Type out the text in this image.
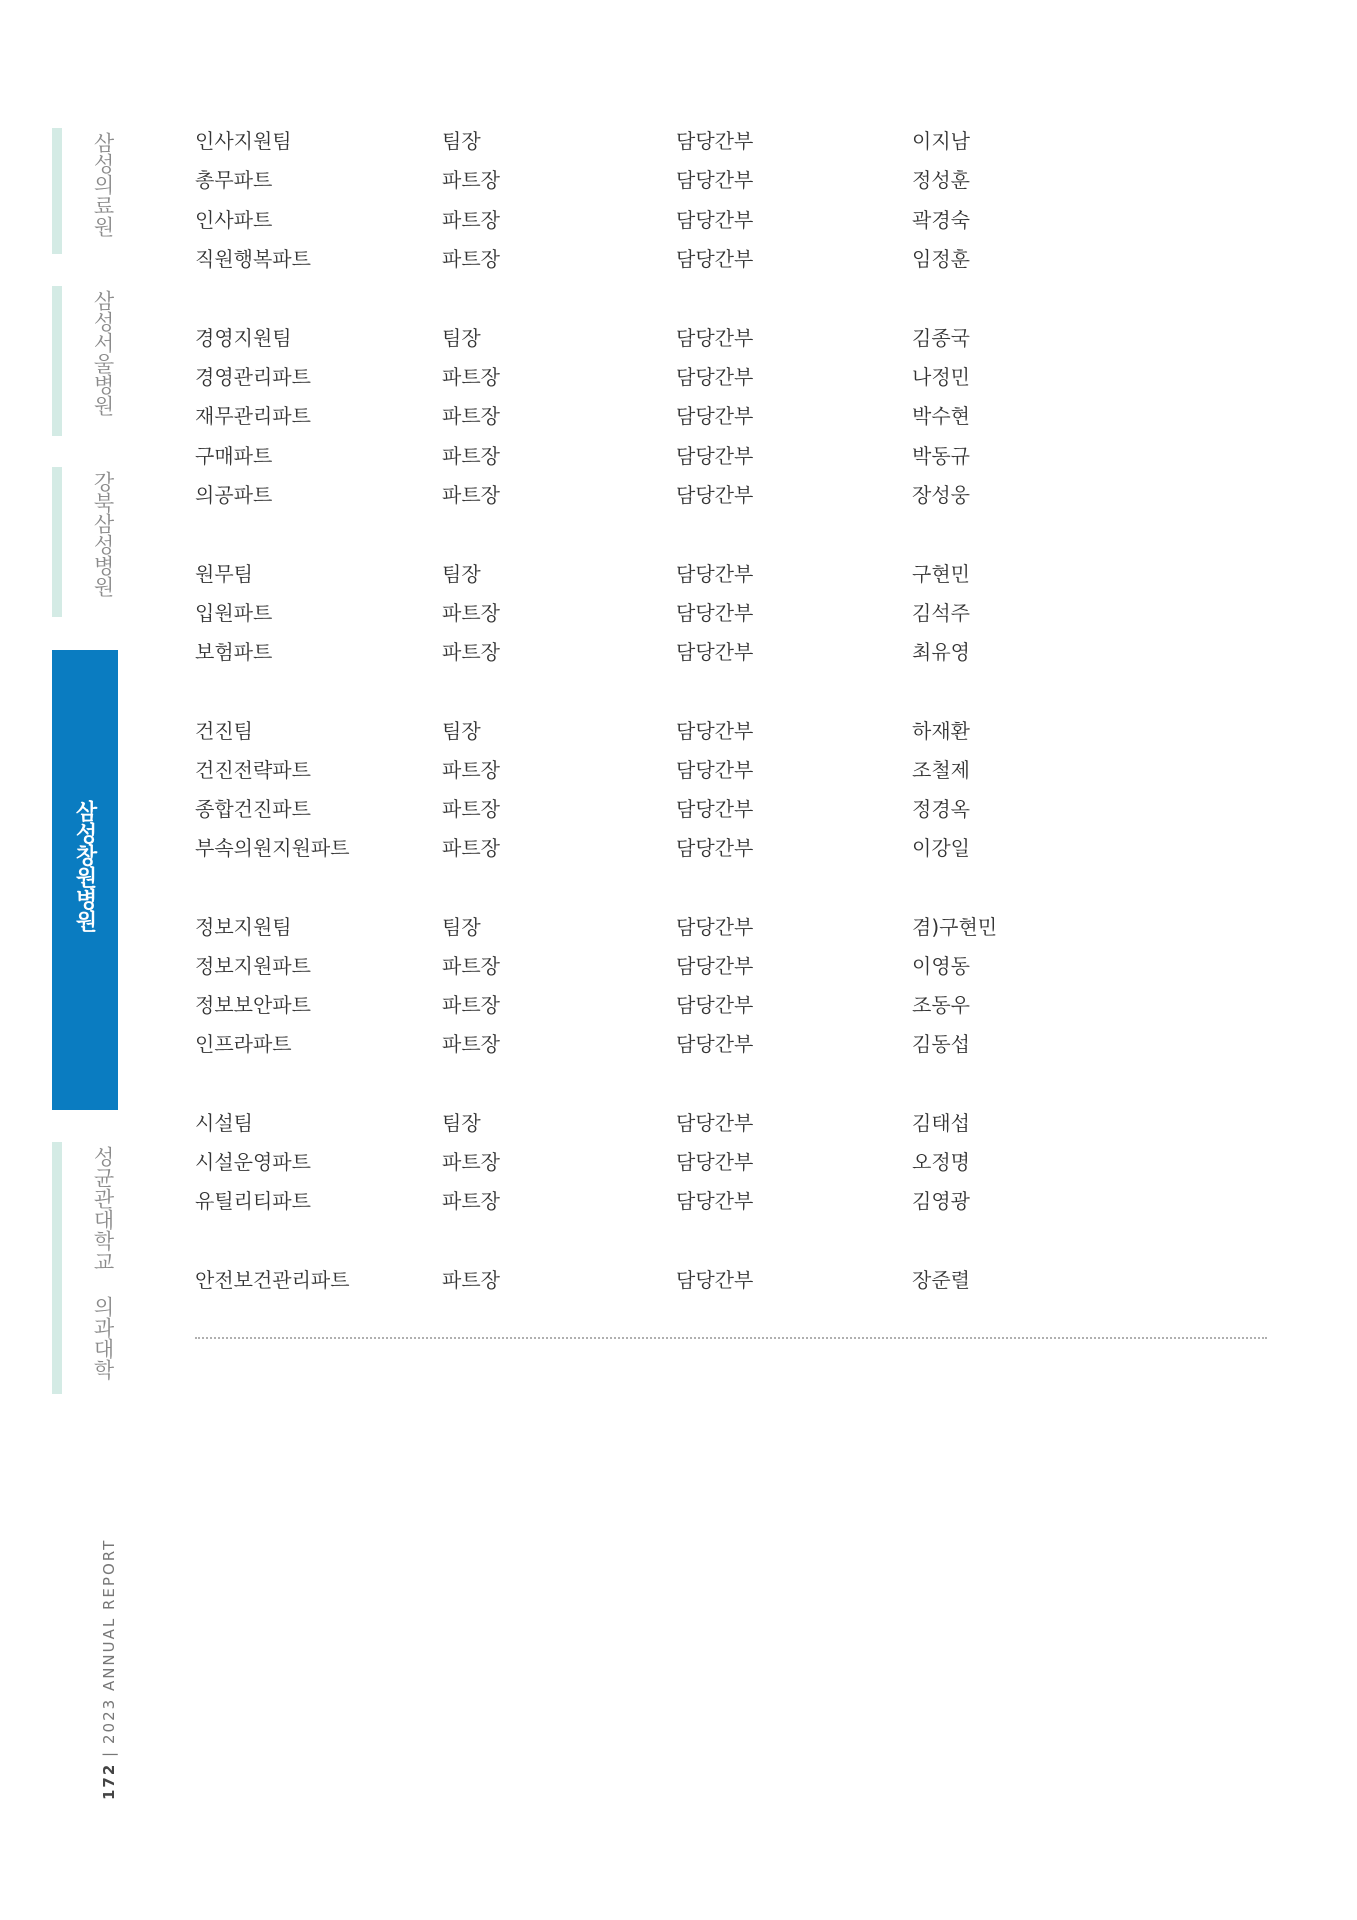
삼성의료원
삼성서울병원
강북삼성병원
삼성창원병원
성균관대학교 의과대학
인사지원팀	팀장	담당간부	이지남
총무파트	파트장	담당간부	정성훈
인사파트	파트장	담당간부	곽경숙
직원행복파트	파트장	담당간부	임정훈
경영지원팀	팀장	담당간부	김종국
경영관리파트	파트장	담당간부	나정민
재무관리파트	파트장	담당간부	박수현
구매파트	파트장	담당간부	박동규
의공파트	파트장	담당간부	장성웅
원무팀	팀장	담당간부	구현민
입원파트	파트장	담당간부	김석주
보험파트	파트장	담당간부	최유영
건진팀	팀장	담당간부	하재환
건진전략파트	파트장	담당간부	조철제
종합건진파트	파트장	담당간부	정경옥
부속의원지원파트	파트장	담당간부	이강일
정보지원팀	팀장	담당간부	겸)구현민
정보지원파트	파트장	담당간부	이영동
정보보안파트	파트장	담당간부	조동우
인프라파트	파트장	담당간부	김동섭
시설팀	팀장	담당간부	김태섭
시설운영파트	파트장	담당간부	오정명
유틸리티파트	파트장	담당간부	김영광
안전보건관리파트	파트장	담당간부	장준렬
172
|
2023 ANNUAL REPORT
